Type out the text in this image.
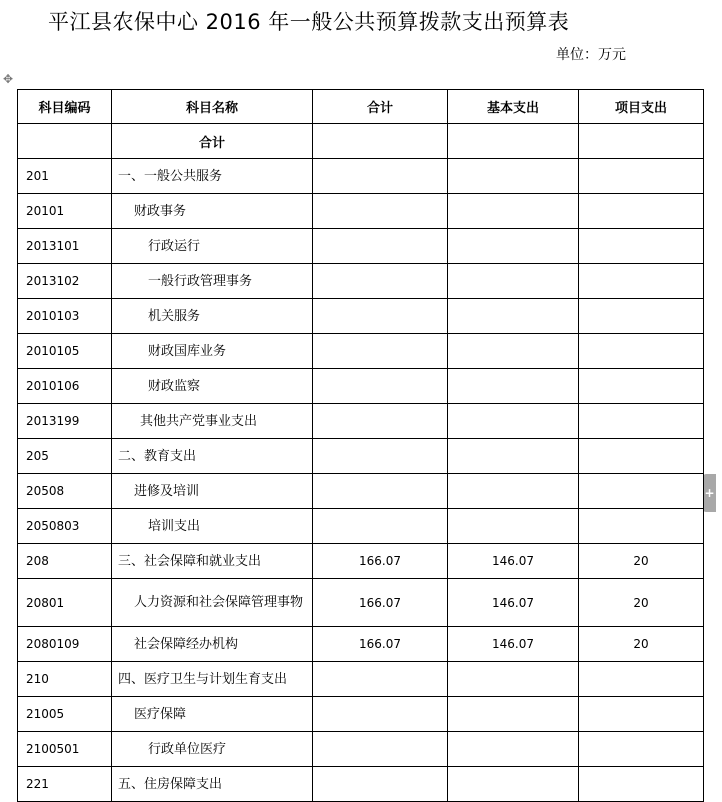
平江县农保中心 2016 年一般公共预算拨款支出预算表
单位：万元
✥
+
科目编码	科目名称	合计	基本支出	项目支出
	合计			
201	一、一般公共服务			
20101	财政事务			
2013101	行政运行			
2013102	一般行政管理事务			
2010103	机关服务			
2010105	财政国库业务			
2010106	财政监察			
2013199	其他共产党事业支出			
205	二、教育支出			
20508	进修及培训			
2050803	培训支出			
208	三、社会保障和就业支出	166.07	146.07	20
20801	人力资源和社会保障管理事物	166.07	146.07	20
2080109	社会保障经办机构	166.07	146.07	20
210	四、医疗卫生与计划生育支出			
21005	医疗保障			
2100501	行政单位医疗			
221	五、住房保障支出			
